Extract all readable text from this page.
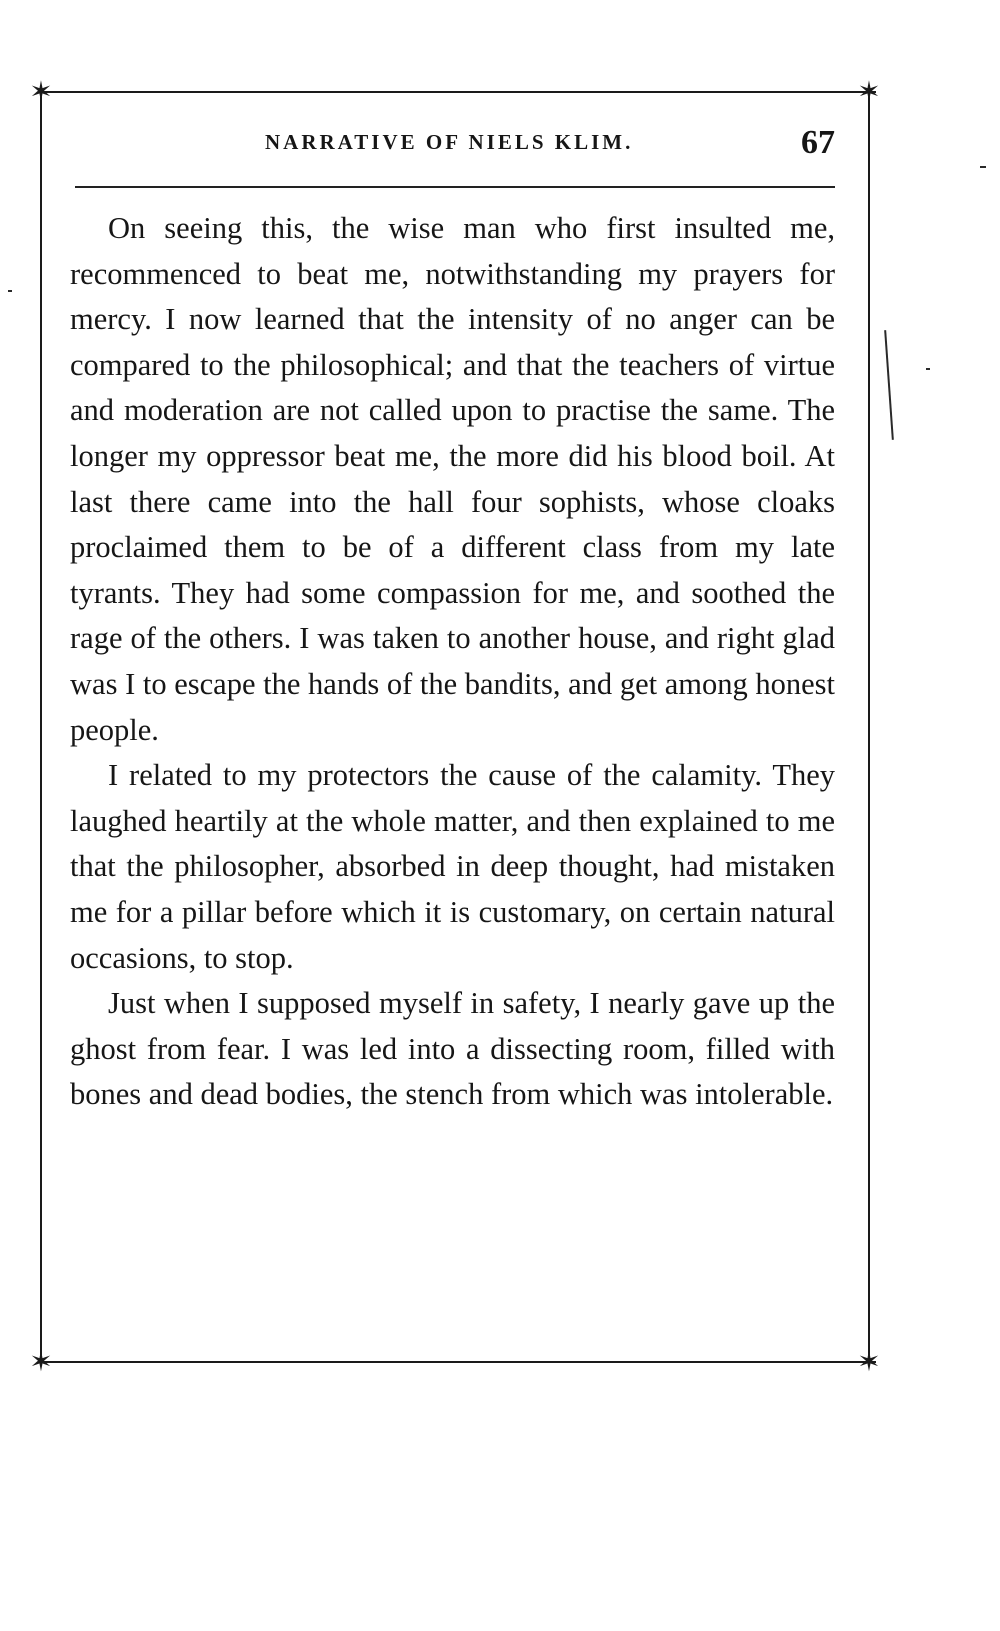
✶	✶
✶	✶
NARRATIVE OF NIELS KLIM.	67

On seeing this, the wise man who first insulted me, recommenced to beat me, notwithstanding my prayers for mercy. I now learned that the intensity of no anger can be compared to the philosophical; and that the teachers of virtue and moderation are not called upon to practise the same. The longer my oppressor beat me, the more did his blood boil. At last there came into the hall four sophists, whose cloaks proclaimed them to be of a different class from my late tyrants. They had some compassion for me, and soothed the rage of the others. I was taken to another house, and right glad was I to escape the hands of the bandits, and get among honest people.

I related to my protectors the cause of the calamity. They laughed heartily at the whole matter, and then explained to me that the philosopher, absorbed in deep thought, had mistaken me for a pillar before which it is customary, on certain natural occasions, to stop.

Just when I supposed myself in safety, I nearly gave up the ghost from fear. I was led into a dissecting room, filled with bones and dead bodies, the stench from which was intolerable.
